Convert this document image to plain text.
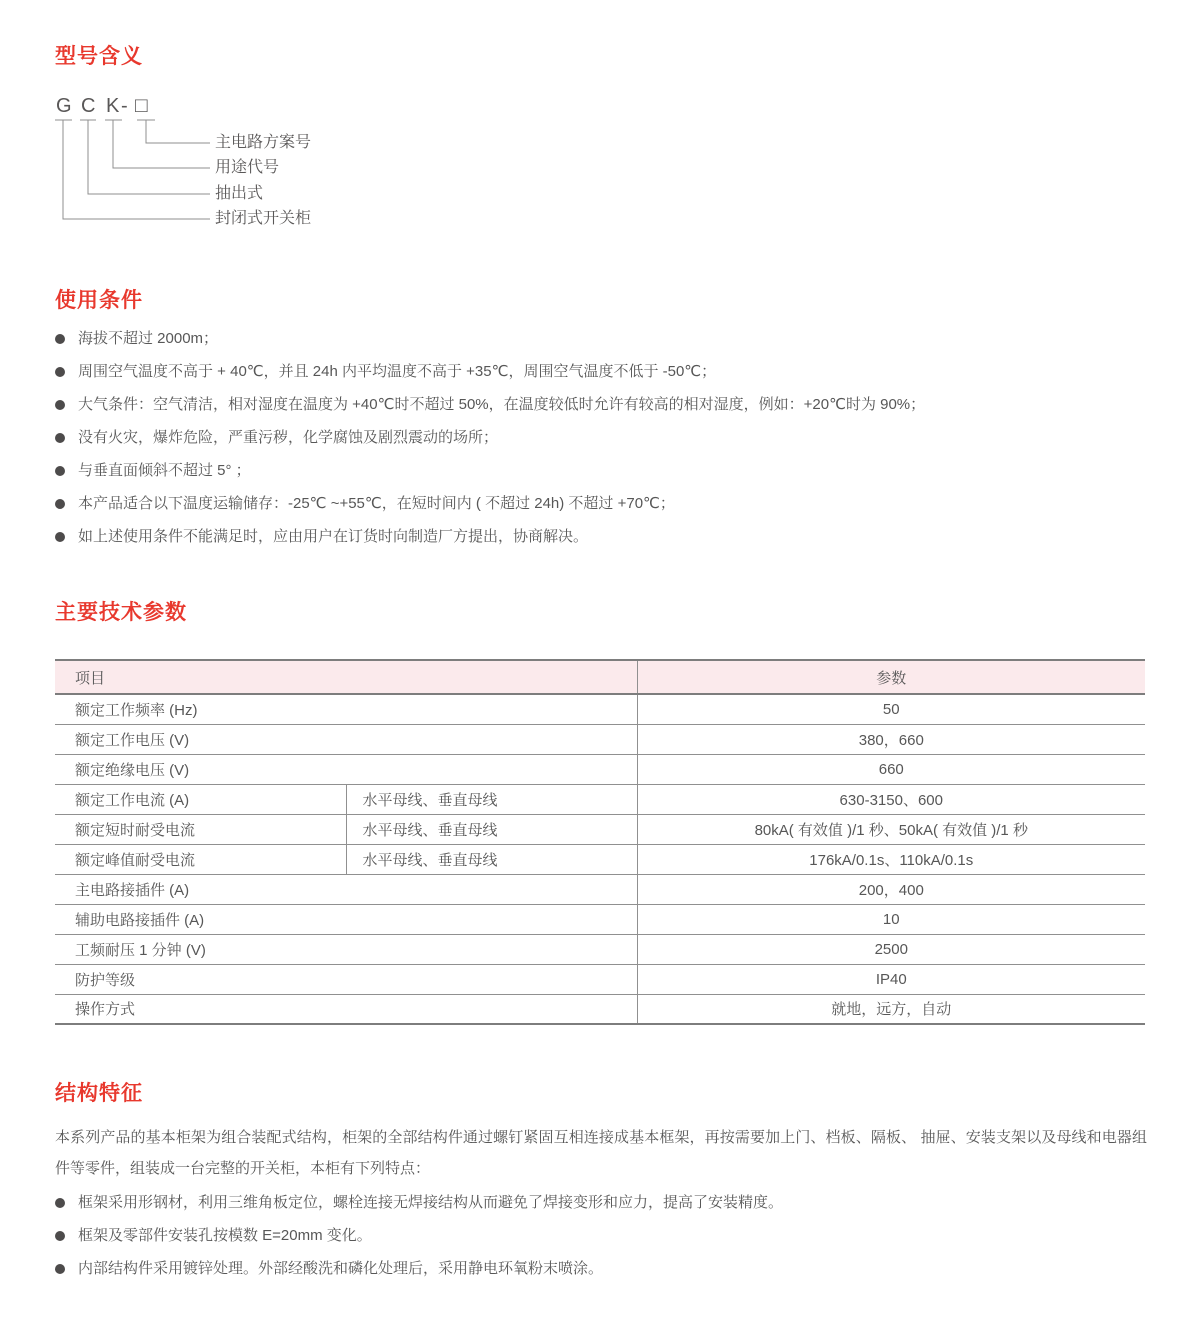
型号含义
G C K - □
主电路方案号
用途代号
抽出式
封闭式开关柜
使用条件
海拔不超过 2000m；
周围空气温度不高于 + 40℃，并且 24h 内平均温度不高于 +35℃，周围空气温度不低于 -50℃；
大气条件：空气清洁，相对湿度在温度为 +40℃时不超过 50%，在温度较低时允许有较高的相对湿度，例如：+20℃时为 90%；
没有火灾，爆炸危险，严重污秽，化学腐蚀及剧烈震动的场所；
与垂直面倾斜不超过 5° ；
本产品适合以下温度运输储存：-25℃ ~+55℃，在短时间内 ( 不超过 24h) 不超过 +70℃；
如上述使用条件不能满足时，应由用户在订货时向制造厂方提出，协商解决。
主要技术参数
项目		参数
额定工作频率 (Hz)		50
额定工作电压 (V)		380，660
额定绝缘电压 (V)		660
额定工作电流 (A)	水平母线、垂直母线	630-3150、600
额定短时耐受电流	水平母线、垂直母线	80kA( 有效值 )/1 秒、50kA( 有效值 )/1 秒
额定峰值耐受电流	水平母线、垂直母线	176kA/0.1s、110kA/0.1s
主电路接插件 (A)		200，400
辅助电路接插件 (A)		10
工频耐压 1 分钟 (V)		2500
防护等级		IP40
操作方式		就地，远方，自动
结构特征

本系列产品的基本柜架为组合装配式结构，柜架的全部结构件通过螺钉紧固互相连接成基本框架，再按需要加上门、档板、隔板、 抽屉、安装支架以及母线和电器组件等零件，组装成一台完整的开关柜，本柜有下列特点：

框架采用形钢材，利用三维角板定位，螺栓连接无焊接结构从而避免了焊接变形和应力，提高了安装精度。
框架及零部件安装孔按模数 E=20mm 变化。
内部结构件采用镀锌处理。外部经酸洗和磷化处理后，采用静电环氧粉末喷涂。
